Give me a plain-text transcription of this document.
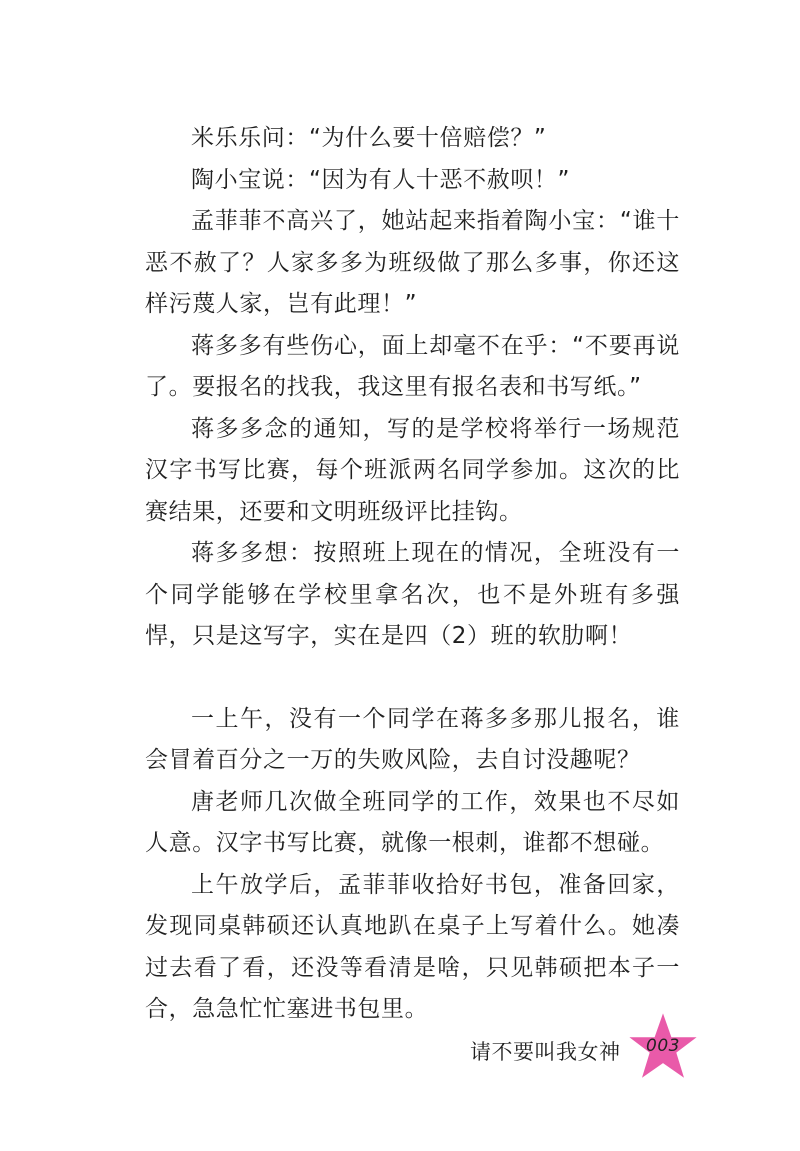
米乐乐问：“为什么要十倍赔偿？”

陶小宝说：“因为有人十恶不赦呗！”

孟菲菲不高兴了，她站起来指着陶小宝：“谁十恶不赦了？人家多多为班级做了那么多事，你还这样污蔑人家，岂有此理！”

蒋多多有些伤心，面上却毫不在乎：“不要再说了。要报名的找我，我这里有报名表和书写纸。”

蒋多多念的通知，写的是学校将举行一场规范汉字书写比赛，每个班派两名同学参加。这次的比赛结果，还要和文明班级评比挂钩。

蒋多多想：按照班上现在的情况，全班没有一个同学能够在学校里拿名次，也不是外班有多强悍，只是这写字，实在是四（2）班的软肋啊！

一上午，没有一个同学在蒋多多那儿报名，谁会冒着百分之一万的失败风险，去自讨没趣呢？

唐老师几次做全班同学的工作，效果也不尽如人意。汉字书写比赛，就像一根刺，谁都不想碰。

上午放学后，孟菲菲收拾好书包，准备回家，发现同桌韩硕还认真地趴在桌子上写着什么。她凑过去看了看，还没等看清是啥，只见韩硕把本子一合，急急忙忙塞进书包里。

请不要叫我女神	003
